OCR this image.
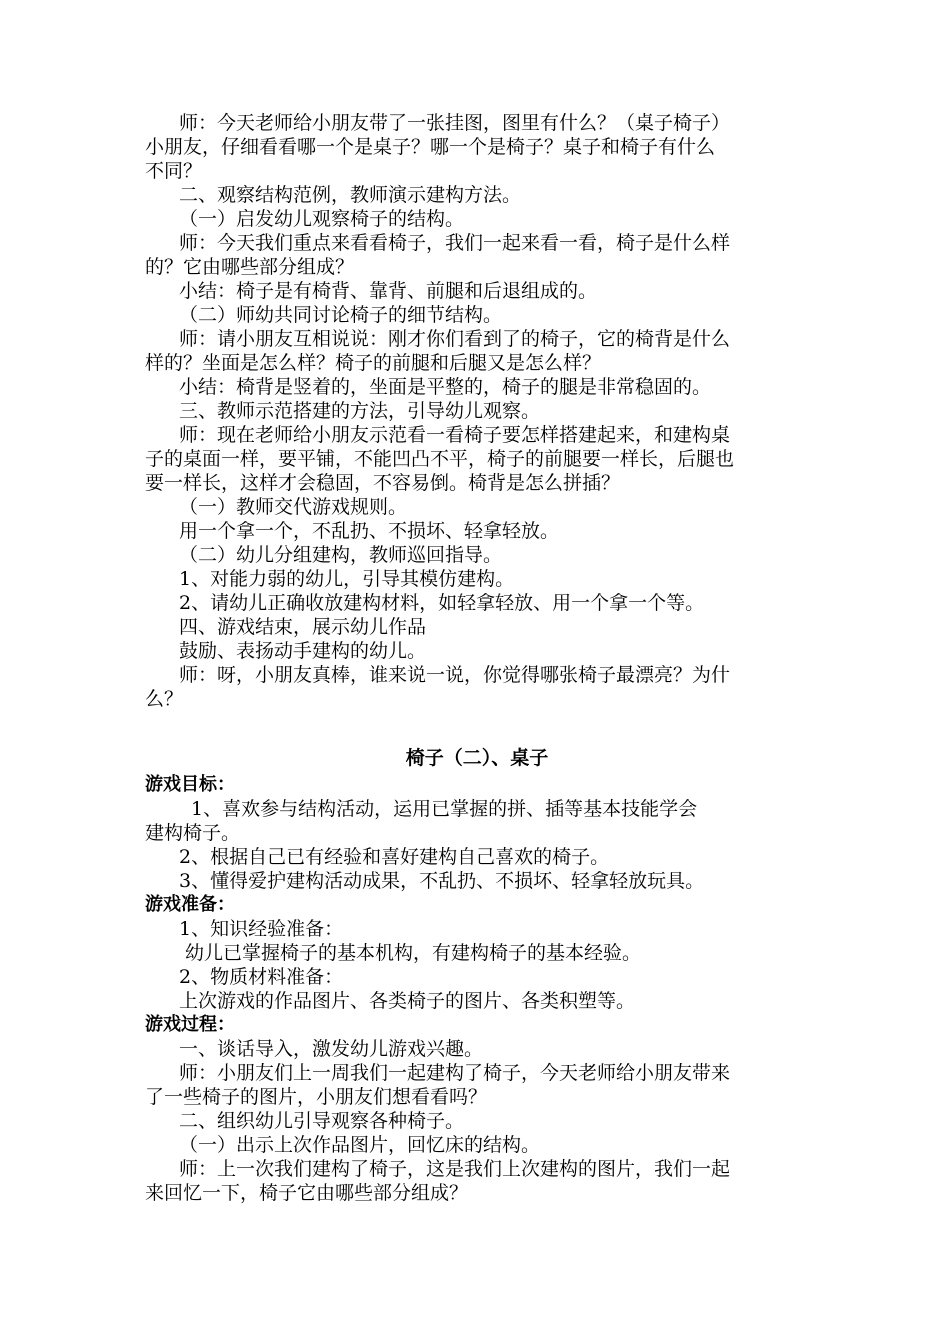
师：今天老师给小朋友带了一张挂图，图里有什么？（桌子椅子）
小朋友，仔细看看哪一个是桌子？哪一个是椅子？桌子和椅子有什么
不同？
二、观察结构范例，教师演示建构方法。
（一）启发幼儿观察椅子的结构。
师：今天我们重点来看看椅子，我们一起来看一看，椅子是什么样
的？它由哪些部分组成？
小结：椅子是有椅背、靠背、前腿和后退组成的。
（二）师幼共同讨论椅子的细节结构。
师：请小朋友互相说说：刚才你们看到了的椅子，它的椅背是什么
样的？坐面是怎么样？椅子的前腿和后腿又是怎么样？
小结：椅背是竖着的，坐面是平整的，椅子的腿是非常稳固的。
三、教师示范搭建的方法，引导幼儿观察。
师：现在老师给小朋友示范看一看椅子要怎样搭建起来，和建构桌
子的桌面一样，要平铺，不能凹凸不平，椅子的前腿要一样长，后腿也
要一样长，这样才会稳固，不容易倒。椅背是怎么拼插？
（一）教师交代游戏规则。
用一个拿一个，不乱扔、不损坏、轻拿轻放。
（二）幼儿分组建构，教师巡回指导。
1、对能力弱的幼儿，引导其模仿建构。
2、请幼儿正确收放建构材料，如轻拿轻放、用一个拿一个等。
四、游戏结束，展示幼儿作品
鼓励、表扬动手建构的幼儿。
师：呀，小朋友真棒，谁来说一说，你觉得哪张椅子最漂亮？为什
么？
椅子（二）、桌子
游戏目标：
1、喜欢参与结构活动，运用已掌握的拼、插等基本技能学会
建构椅子。
2、根据自己已有经验和喜好建构自己喜欢的椅子。
3、懂得爱护建构活动成果，不乱扔、不损坏、轻拿轻放玩具。
游戏准备：
1、知识经验准备：
幼儿已掌握椅子的基本机构，有建构椅子的基本经验。
2、物质材料准备：
上次游戏的作品图片、各类椅子的图片、各类积塑等。
游戏过程：
一、谈话导入，激发幼儿游戏兴趣。
师：小朋友们上一周我们一起建构了椅子，今天老师给小朋友带来
了一些椅子的图片，小朋友们想看看吗？
二、组织幼儿引导观察各种椅子。
（一）出示上次作品图片，回忆床的结构。
师：上一次我们建构了椅子，这是我们上次建构的图片，我们一起
来回忆一下，椅子它由哪些部分组成？
